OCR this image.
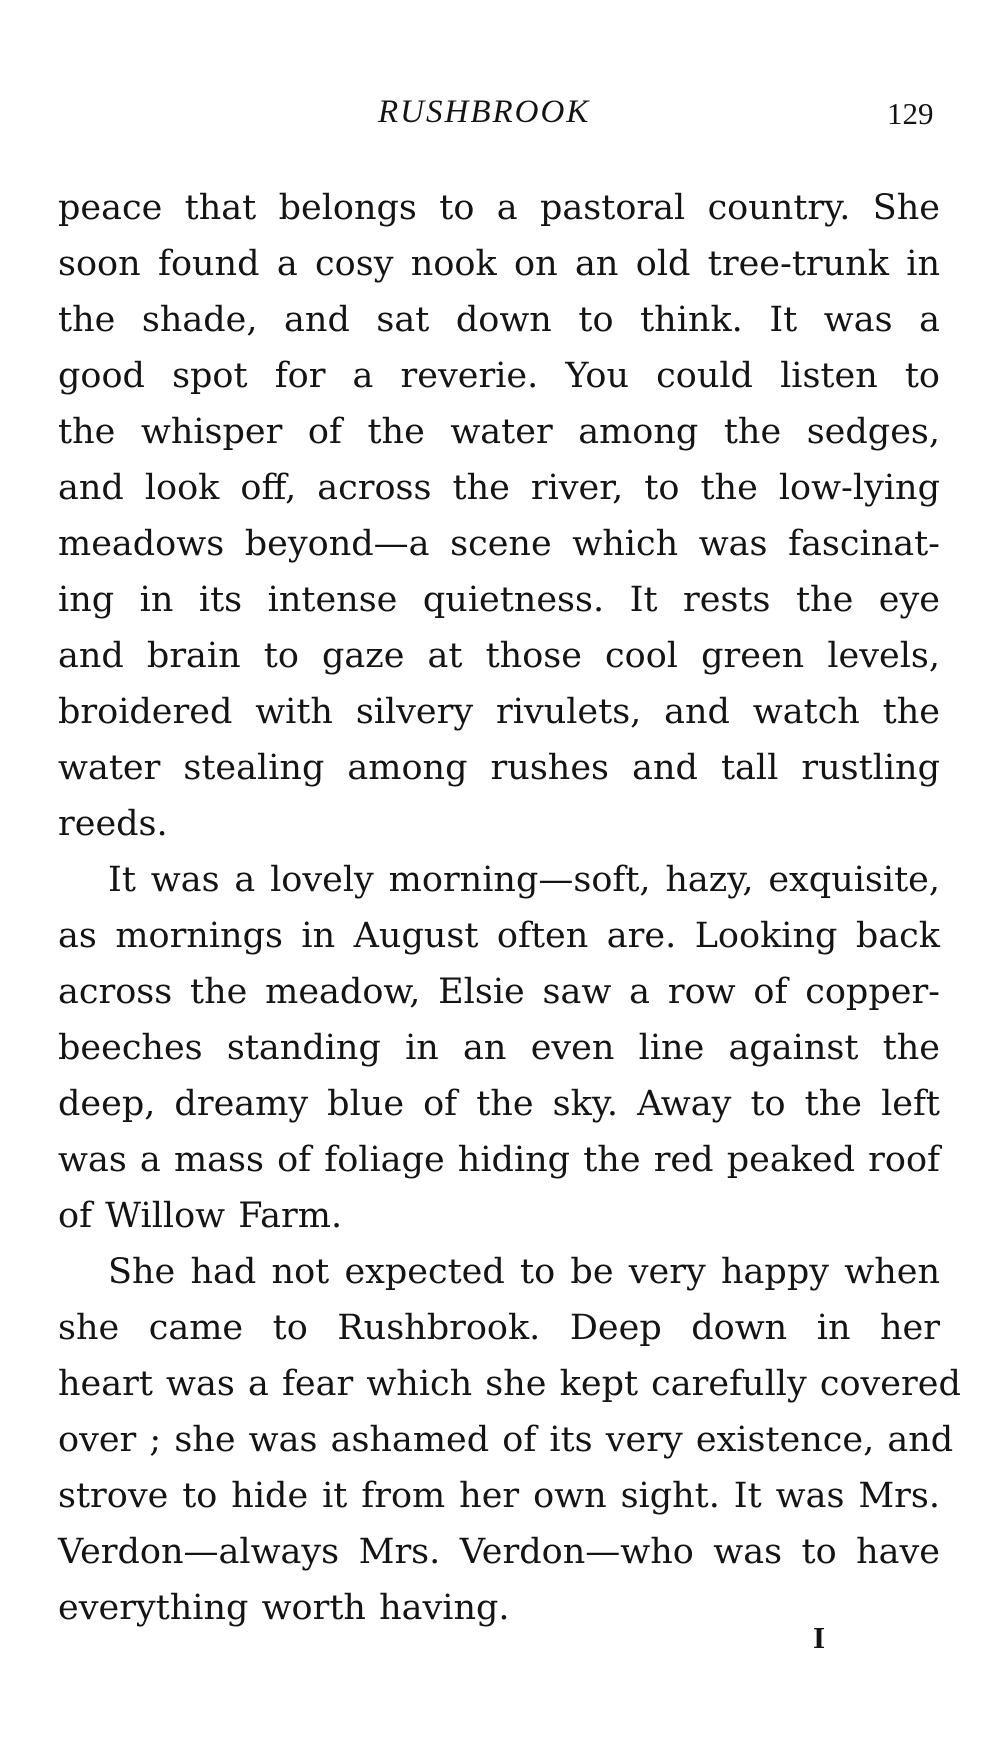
RUSHBROOK	129

peace that belongs to a pastoral country. She
soon found a cosy nook on an old tree-trunk in
the shade, and sat down to think. It was a
good spot for a reverie. You could listen to
the whisper of the water among the sedges,
and look off, across the river, to the low-lying
meadows beyond—a scene which was fascinat-
ing in its intense quietness. It rests the eye
and brain to gaze at those cool green levels,
broidered with silvery rivulets, and watch the
water stealing among rushes and tall rustling
reeds.

It was a lovely morning—soft, hazy, exquisite,
as mornings in August often are. Looking back
across the meadow, Elsie saw a row of copper-
beeches standing in an even line against the
deep, dreamy blue of the sky. Away to the left
was a mass of foliage hiding the red peaked roof
of Willow Farm.

She had not expected to be very happy when
she came to Rushbrook. Deep down in her
heart was a fear which she kept carefully covered
over ; she was ashamed of its very existence, and
strove to hide it from her own sight. It was Mrs.
Verdon—always Mrs. Verdon—who was to have
everything worth having.

I
